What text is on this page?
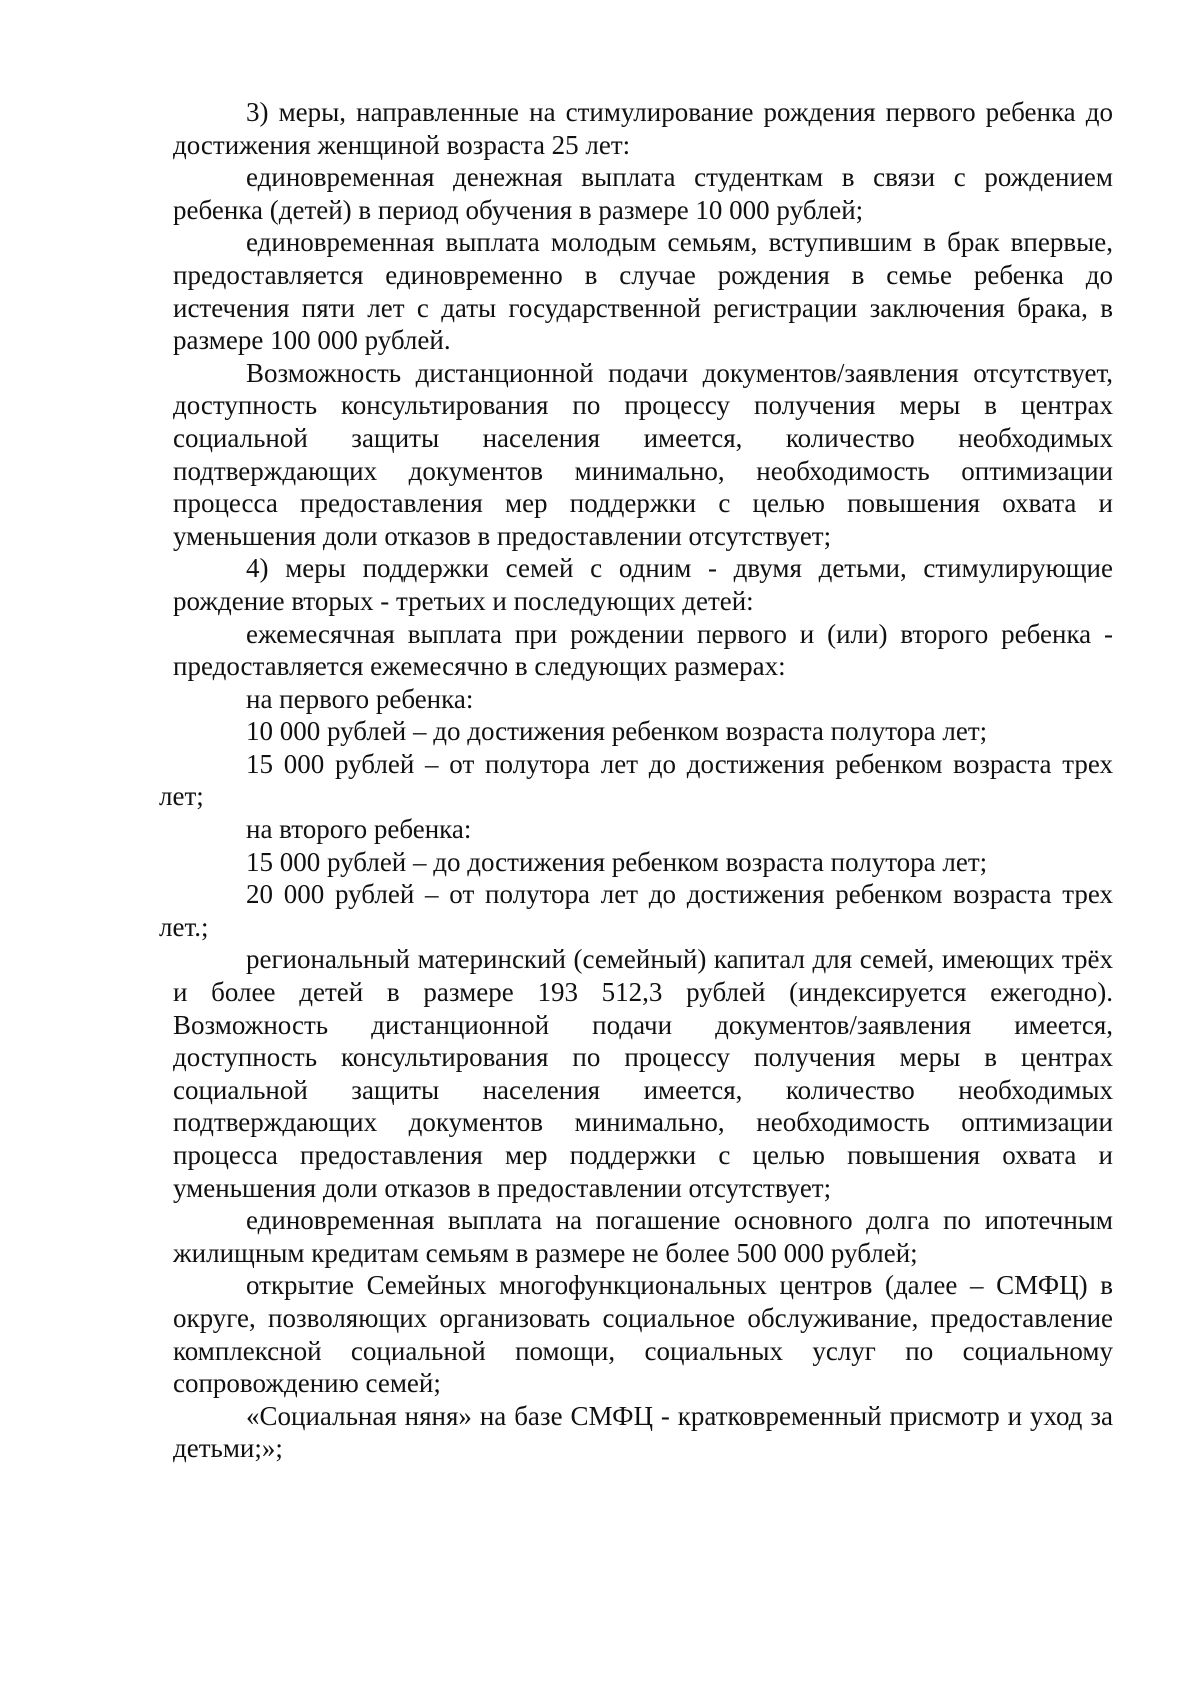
3) меры, направленные на стимулирование рождения первого ребенка до достижения женщиной возраста 25 лет:

единовременная денежная выплата студенткам в связи с рождением ребенка (детей) в период обучения в размере 10 000 рублей;

единовременная выплата молодым семьям, вступившим в брак впервые, предоставляется единовременно в случае рождения в семье ребенка до истечения пяти лет с даты государственной регистрации заключения брака, в размере 100 000 рублей.

Возможность дистанционной подачи документов/заявления отсутствует, доступность консультирования по процессу получения меры в центрах социальной защиты населения имеется, количество необходимых подтверждающих документов минимально, необходимость оптимизации процесса предоставления мер поддержки с целью повышения охвата и уменьшения доли отказов в предоставлении отсутствует;

4) меры поддержки семей с одним - двумя детьми, стимулирующие рождение вторых - третьих и последующих детей:

ежемесячная выплата при рождении первого и (или) второго ребенка - предоставляется ежемесячно в следующих размерах:

на первого ребенка:

10 000 рублей – до достижения ребенком возраста полутора лет;

15 000 рублей – от полутора лет до достижения ребенком возраста трех лет;

на второго ребенка:

15 000 рублей – до достижения ребенком возраста полутора лет;

20 000 рублей – от полутора лет до достижения ребенком возраста трех лет.;

региональный материнский (семейный) капитал для семей, имеющих трёх и более детей в размере 193 512,3 рублей (индексируется ежегодно). Возможность дистанционной подачи документов/заявления имеется, доступность консультирования по процессу получения меры в центрах социальной защиты населения имеется, количество необходимых подтверждающих документов минимально, необходимость оптимизации процесса предоставления мер поддержки с целью повышения охвата и уменьшения доли отказов в предоставлении отсутствует;

единовременная выплата на погашение основного долга по ипотечным жилищным кредитам семьям в размере не более 500 000 рублей;

открытие Семейных многофункциональных центров (далее – СМФЦ) в округе, позволяющих организовать социальное обслуживание, предоставление комплексной социальной помощи, социальных услуг по социальному сопровождению семей;

«Социальная няня» на базе СМФЦ - кратковременный присмотр и уход за детьми;»;
